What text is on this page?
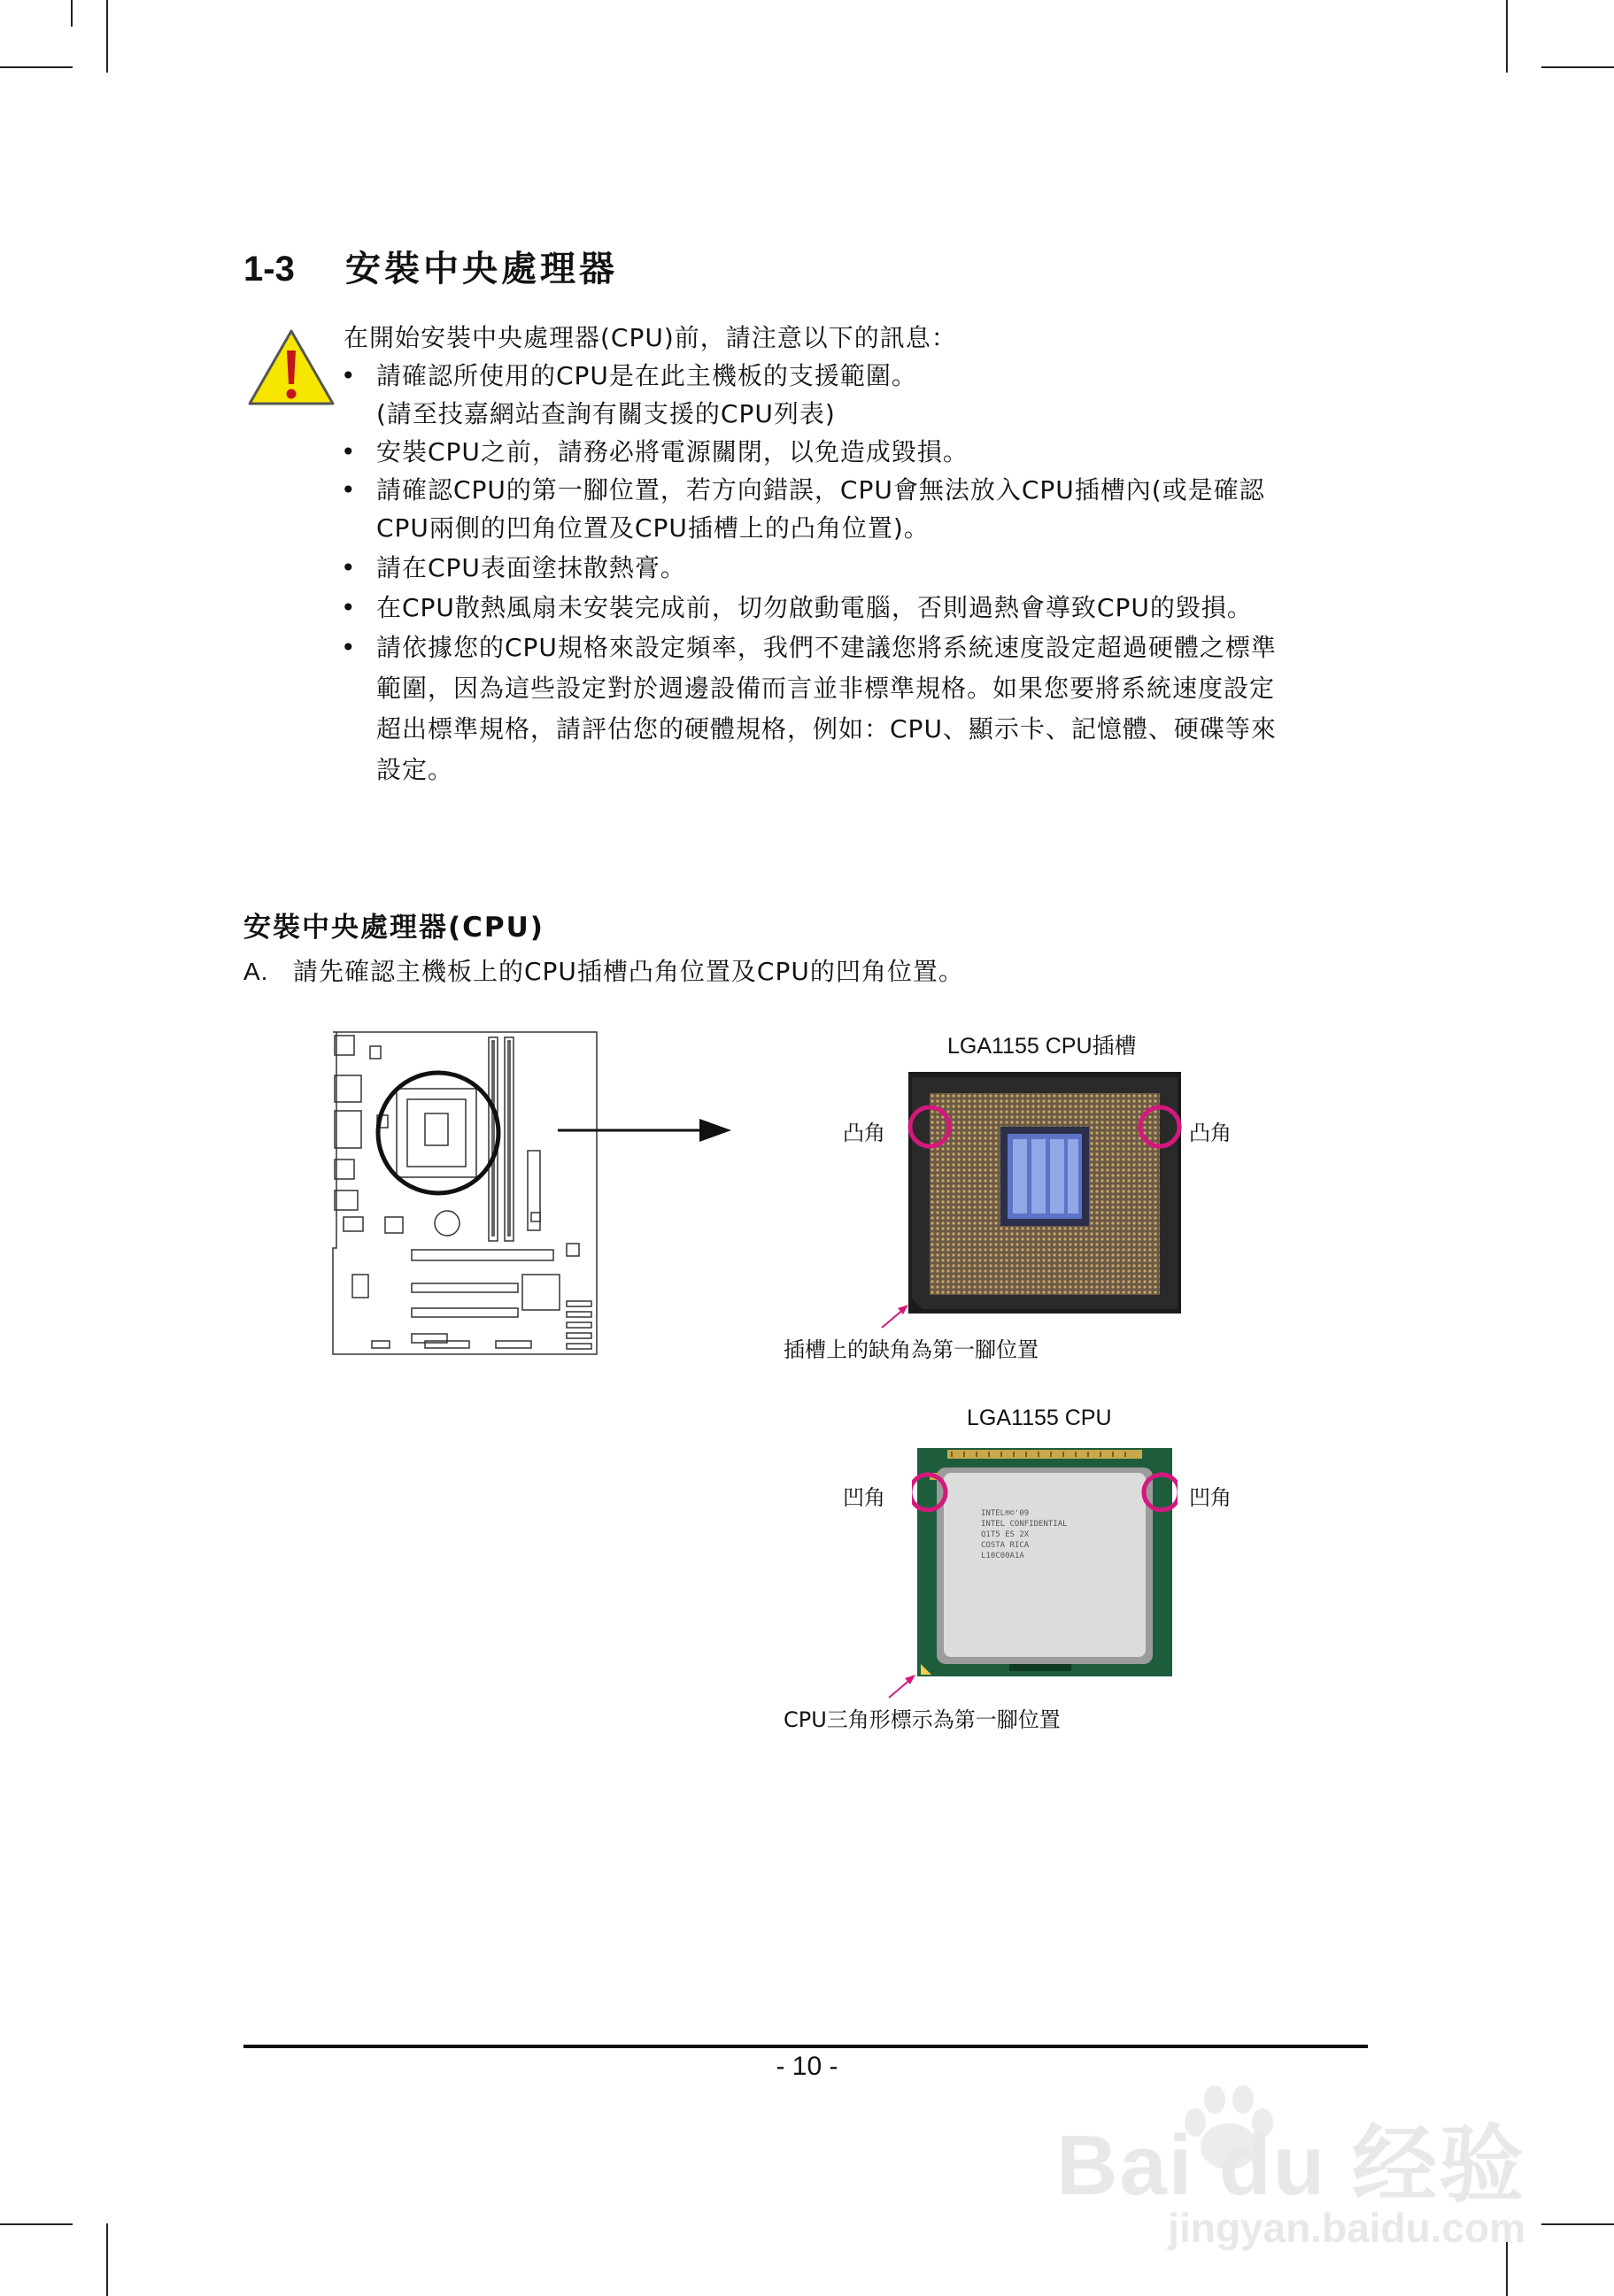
1-3 安裝中央處理器
在開始安裝中央處理器(CPU)前，請注意以下的訊息：
• 請確認所使用的CPU是在此主機板的支援範圍。
(請至技嘉網站查詢有關支援的CPU列表)
• 安裝CPU之前，請務必將電源關閉，以免造成毀損。
• 請確認CPU的第一腳位置，若方向錯誤，CPU會無法放入CPU插槽內(或是確認
CPU兩側的凹角位置及CPU插槽上的凸角位置)。
• 請在CPU表面塗抹散熱膏。
• 在CPU散熱風扇未安裝完成前，切勿啟動電腦，否則過熱會導致CPU的毀損。
• 請依據您的CPU規格來設定頻率，我們不建議您將系統速度設定超過硬體之標準
範圍，因為這些設定對於週邊設備而言並非標準規格。如果您要將系統速度設定
超出標準規格，請評估您的硬體規格，例如：CPU、顯示卡、記憶體、硬碟等來
設定。
安裝中央處理器(CPU)
A. 請先確認主機板上的CPU插槽凸角位置及CPU的凹角位置。
LGA1155 CPU插槽
凸角	凸角
插槽上的缺角為第一腳位置
LGA1155 CPU
凹角	凹角
INTEL®©'09
INTEL CONFIDENTIAL
Q1T5 ES 2X
COSTA RICA
L10C00A1A
CPU三角形標示為第一腳位置
- 10 -
Bai du 经验
jingyan.baidu.com
